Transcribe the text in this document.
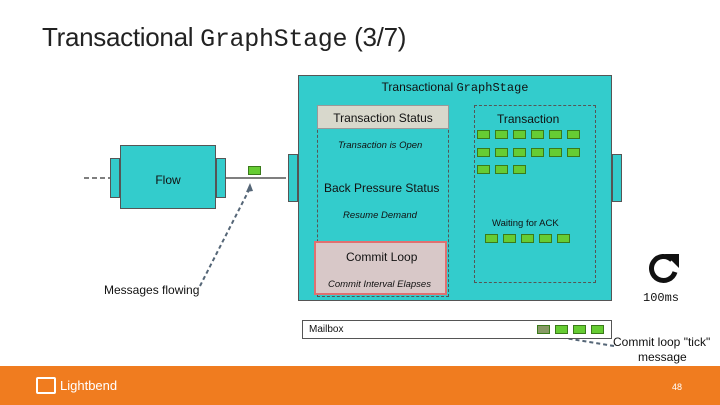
Transactional GraphStage (3/7)
Flow
Transactional GraphStage
Transaction Status
Transaction is Open
Back Pressure Status
Resume Demand
Commit Loop
Commit Interval Elapses
Transaction
Waiting for ACK
Mailbox
Messages flowing
100ms
Commit loop "tick"
message
Lightbend	48
